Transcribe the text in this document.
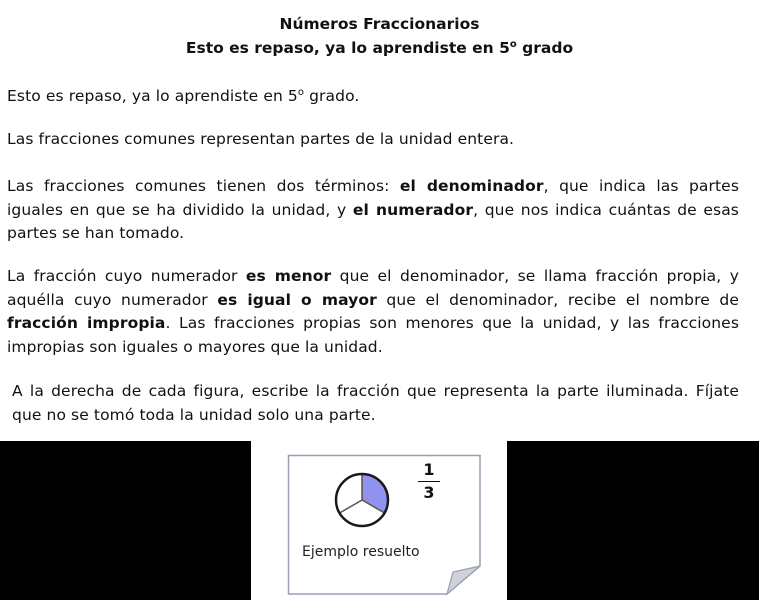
Números Fraccionarios
Esto es repaso, ya lo aprendiste en 5$^o$ grado
Esto es repaso, ya lo aprendiste en 5$^o$ grado.
Las fracciones comunes representan partes de la unidad entera.
Las fracciones comunes tienen dos términos: el denominador, que indica las partes iguales en que se ha dividido la unidad, y el numerador, que nos indica cuántas de esas partes se han tomado.
La fracción cuyo numerador es menor que el denominador, se llama fracción propia, y aquélla cuyo numerador es igual o mayor que el denominador, recibe el nombre de fracción impropia. Las fracciones propias son menores que la unidad, y las fracciones impropias son iguales o mayores que la unidad.
A la derecha de cada figura, escribe la fracción que representa la parte iluminada. Fíjate que no se tomó toda la unidad solo una parte.
1
3
Ejemplo resuelto
